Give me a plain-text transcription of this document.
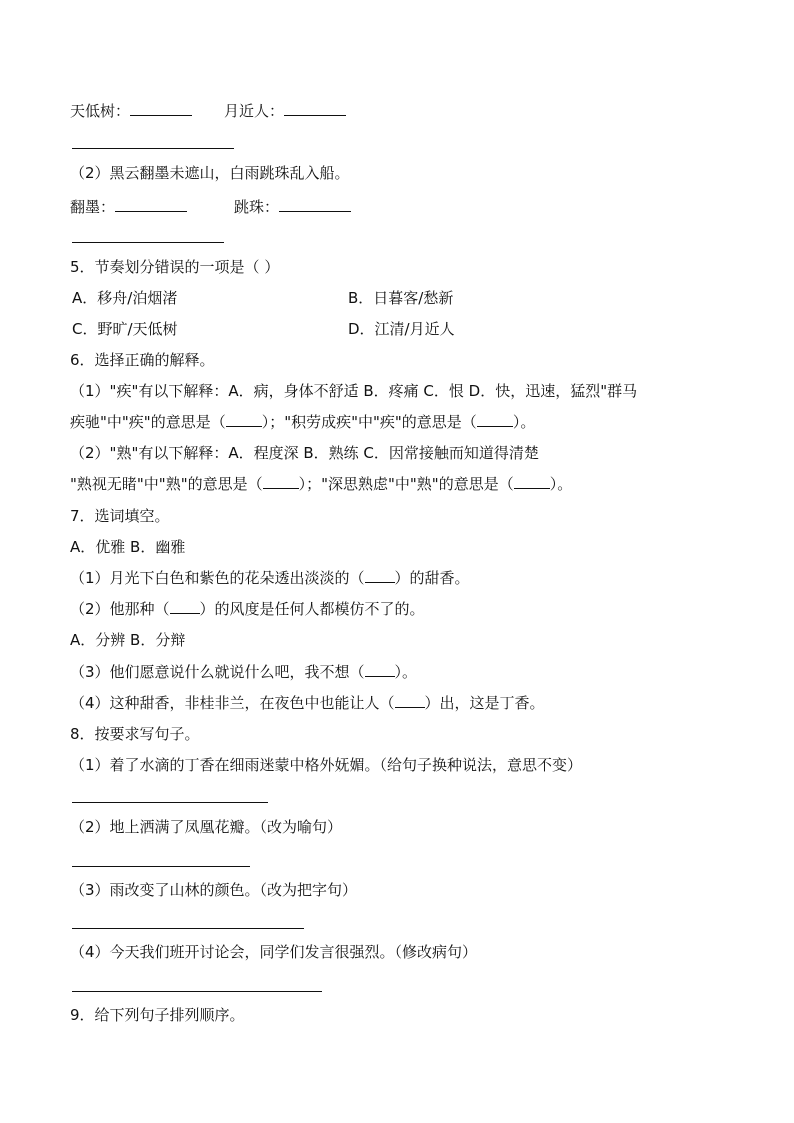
天低树：	月近人：
（2）黑云翻墨未遮山，白雨跳珠乱入船。
翻墨：	跳珠：
5．节奏划分错误的一项是（ ）
A．移舟/泊烟渚	B．日暮客/愁新
C．野旷/天低树	D．江清/月近人
6．选择正确的解释。
（1）"疾"有以下解释：A．病，身体不舒适 B．疼痛 C．恨 D．快，迅速，猛烈"群马
疾驰"中"疾"的意思是（ ）；"积劳成疾"中"疾"的意思是（ ）。
（2）"熟"有以下解释：A．程度深 B．熟练 C．因常接触而知道得清楚
"熟视无睹"中"熟"的意思是（ ）；"深思熟虑"中"熟"的意思是（ ）。
7．选词填空。
A．优雅 B．幽雅
（1）月光下白色和紫色的花朵透出淡淡的（ ）的甜香。
（2）他那种（ ）的风度是任何人都模仿不了的。
A．分辨 B．分辩
（3）他们愿意说什么就说什么吧，我不想（ ）。
（4）这种甜香，非桂非兰，在夜色中也能让人（ ）出，这是丁香。
8．按要求写句子。
（1）着了水滴的丁香在细雨迷蒙中格外妩媚。（给句子换种说法，意思不变）
（2）地上洒满了凤凰花瓣。（改为喻句）
（3）雨改变了山林的颜色。（改为把字句）
（4）今天我们班开讨论会，同学们发言很强烈。（修改病句）
9．给下列句子排列顺序。
